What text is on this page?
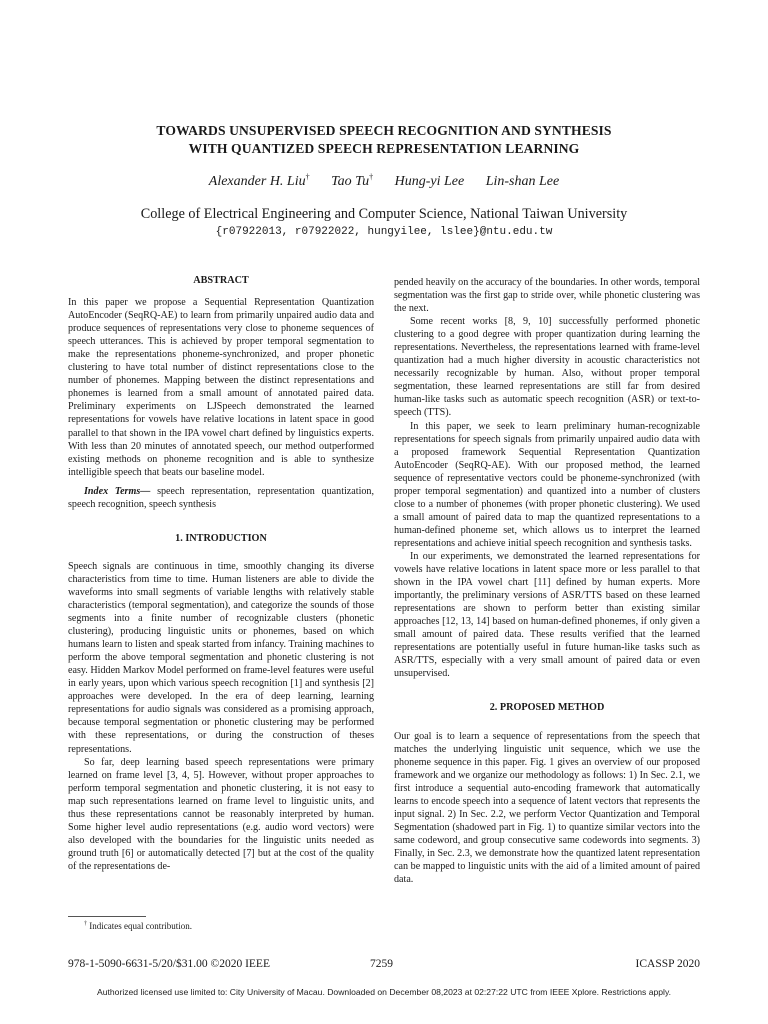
TOWARDS UNSUPERVISED SPEECH RECOGNITION AND SYNTHESIS
WITH QUANTIZED SPEECH REPRESENTATION LEARNING
Alexander H. Liu† Tao Tu† Hung-yi Lee Lin-shan Lee
College of Electrical Engineering and Computer Science, National Taiwan University
{r07922013, r07922022, hungyilee, lslee}@ntu.edu.tw
ABSTRACT

In this paper we propose a Sequential Representation Quantization AutoEncoder (SeqRQ-AE) to learn from primarily unpaired audio data and produce sequences of representations very close to phoneme sequences of speech utterances. This is achieved by proper temporal segmentation to make the representations phoneme-synchronized, and proper phonetic clustering to have total number of distinct representations close to the number of phonemes. Mapping between the distinct representations and phonemes is learned from a small amount of annotated paired data. Preliminary experiments on LJSpeech demonstrated the learned representations for vowels have relative locations in latent space in good parallel to that shown in the IPA vowel chart defined by linguistics experts. With less than 20 minutes of annotated speech, our method outperformed existing methods on phoneme recognition and is able to synthesize intelligible speech that beats our baseline model.

Index Terms— speech representation, representation quantization, speech recognition, speech synthesis

1. INTRODUCTION

Speech signals are continuous in time, smoothly changing its diverse characteristics from time to time. Human listeners are able to divide the waveforms into small segments of variable lengths with relatively stable characteristics (temporal segmentation), and categorize the sounds of those segments into a finite number of recognizable clusters (phonetic clustering), producing linguistic units or phonemes, based on which humans learn to listen and speak started from infancy. Training machines to perform the above temporal segmentation and phonetic clustering is not easy. Hidden Markov Model performed on frame-level features were useful in early years, upon which various speech recognition [1] and synthesis [2] approaches were developed. In the era of deep learning, learning representations for audio signals was considered as a promising approach, because temporal segmentation or phonetic clustering may be performed with these representations, or during the construction of theses representations.

So far, deep learning based speech representations were primary learned on frame level [3, 4, 5]. However, without proper approaches to perform temporal segmentation and phonetic clustering, it is not easy to map such representations learned on frame level to linguistic units, and thus these representations cannot be reasonably interpreted by human. Some higher level audio representations (e.g. audio word vectors) were also developed with the boundaries for the linguistic units needed as ground truth [6] or automatically detected [7] but at the cost of the quality of the representations de-

pended heavily on the accuracy of the boundaries. In other words, temporal segmentation was the first gap to stride over, while phonetic clustering was the next.

Some recent works [8, 9, 10] successfully performed phonetic clustering to a good degree with proper quantization during learning the representations. Nevertheless, the representations learned with frame-level quantization had a much higher diversity in acoustic characteristics not necessarily recognizable by human. Also, without proper temporal segmentation, these learned representations are still far from desired human-like tasks such as automatic speech recognition (ASR) or text-to-speech (TTS).

In this paper, we seek to learn preliminary human-recognizable representations for speech signals from primarily unpaired audio data with a proposed framework Sequential Representation Quantization AutoEncoder (SeqRQ-AE). With our proposed method, the learned sequence of representative vectors could be phoneme-synchronized (with proper temporal segmentation) and quantized into a number of clusters close to a number of phonemes (with proper phonetic clustering). We used a small amount of paired data to map the quantized representations to a human-defined phoneme set, which allows us to interpret the learned representations and achieve initial speech recognition and synthesis tasks.

In our experiments, we demonstrated the learned representations for vowels have relative locations in latent space more or less parallel to that shown in the IPA vowel chart [11] defined by human experts. More importantly, the preliminary versions of ASR/TTS based on these learned representations are shown to perform better than existing similar approaches [12, 13, 14] based on human-defined phonemes, if only given a small amount of paired data. These results verified that the learned representations are potentially useful in future human-like tasks such as ASR/TTS, especially with a very small amount of paired data or even unsupervised.

2. PROPOSED METHOD

Our goal is to learn a sequence of representations from the speech that matches the underlying linguistic unit sequence, which we use the phoneme sequence in this paper. Fig. 1 gives an overview of our proposed framework and we organize our methodology as follows: 1) In Sec. 2.1, we first introduce a sequential auto-encoding framework that automatically learns to encode speech into a sequence of latent vectors that represents the input signal. 2) In Sec. 2.2, we perform Vector Quantization and Temporal Segmentation (shadowed part in Fig. 1) to quantize similar vectors into the same codeword, and group consecutive same codewords into segments. 3) Finally, in Sec. 2.3, we demonstrate how the quantized latent representation can be mapped to linguistic units with the aid of a limited amount of paired data.

† Indicates equal contribution.
978-1-5090-6631-5/20/$31.00 ©2020 IEEE	7259	ICASSP 2020
Authorized licensed use limited to: City University of Macau. Downloaded on December 08,2023 at 02:27:22 UTC from IEEE Xplore. Restrictions apply.
